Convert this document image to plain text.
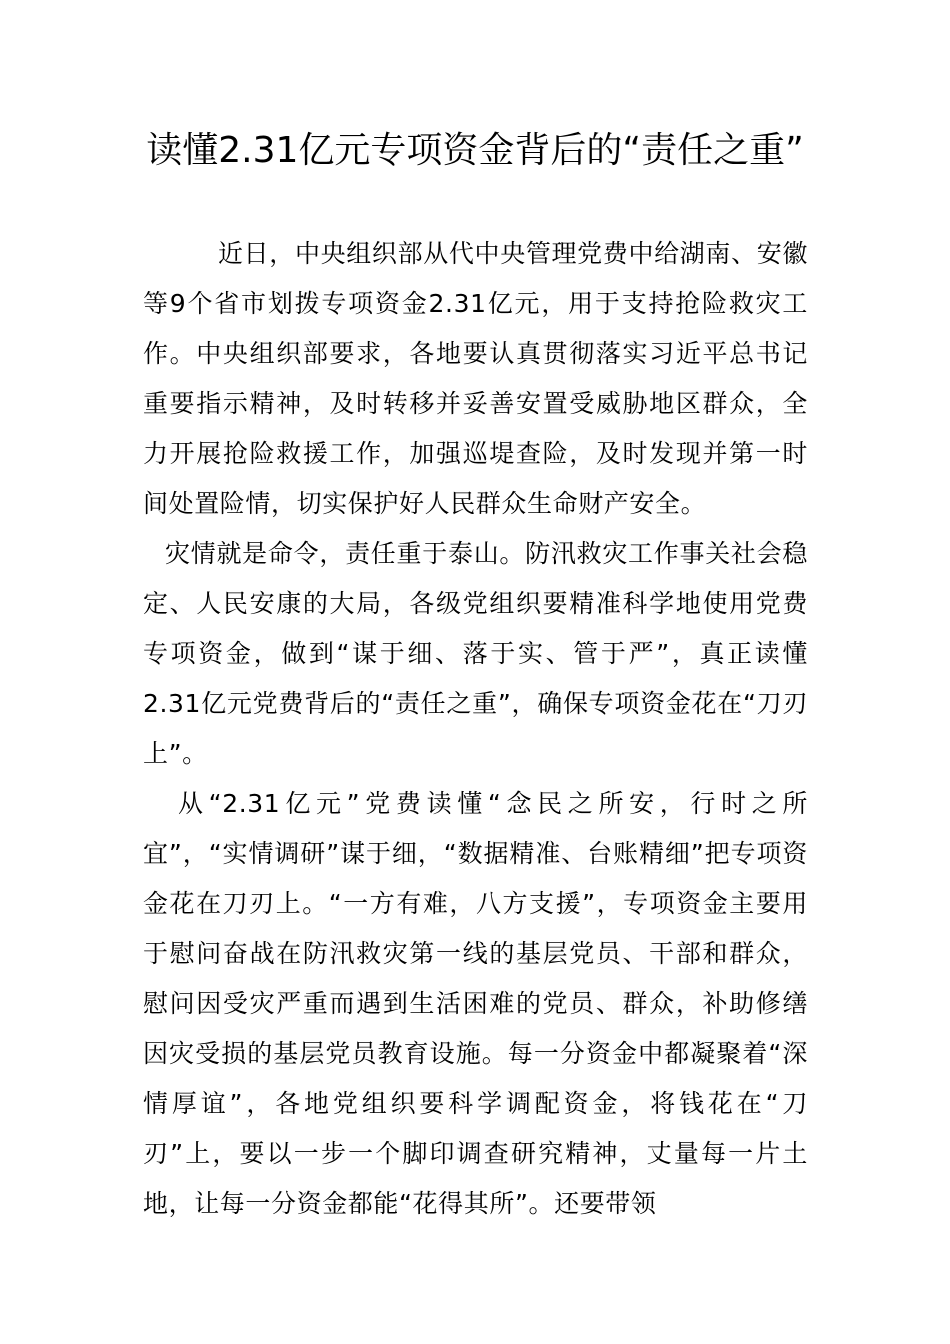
读懂2.31亿元专项资金背后的“责任之重”

近日，中央组织部从代中央管理党费中给湖南、安徽等9个省市划拨专项资金2.31亿元，用于支持抢险救灾工作。中央组织部要求，各地要认真贯彻落实习近平总书记重要指示精神，及时转移并妥善安置受威胁地区群众，全力开展抢险救援工作，加强巡堤查险，及时发现并第一时间处置险情，切实保护好人民群众生命财产安全。

灾情就是命令，责任重于泰山。防汛救灾工作事关社会稳定、人民安康的大局，各级党组织要精准科学地使用党费专项资金，做到“谋于细、落于实、管于严”，真正读懂2.31亿元党费背后的“责任之重”，确保专项资金花在“刀刃上”。

从“2.31亿元”党费读懂“念民之所安，行时之所宜”，“实情调研”谋于细，“数据精准、台账精细”把专项资金花在刀刃上。“一方有难，八方支援”，专项资金主要用于慰问奋战在防汛救灾第一线的基层党员、干部和群众，慰问因受灾严重而遇到生活困难的党员、群众，补助修缮因灾受损的基层党员教育设施。每一分资金中都凝聚着“深情厚谊”，各地党组织要科学调配资金，将钱花在“刀刃”上，要以一步一个脚印调查研究精神，丈量每一片土地，让每一分资金都能“花得其所”。还要带领
